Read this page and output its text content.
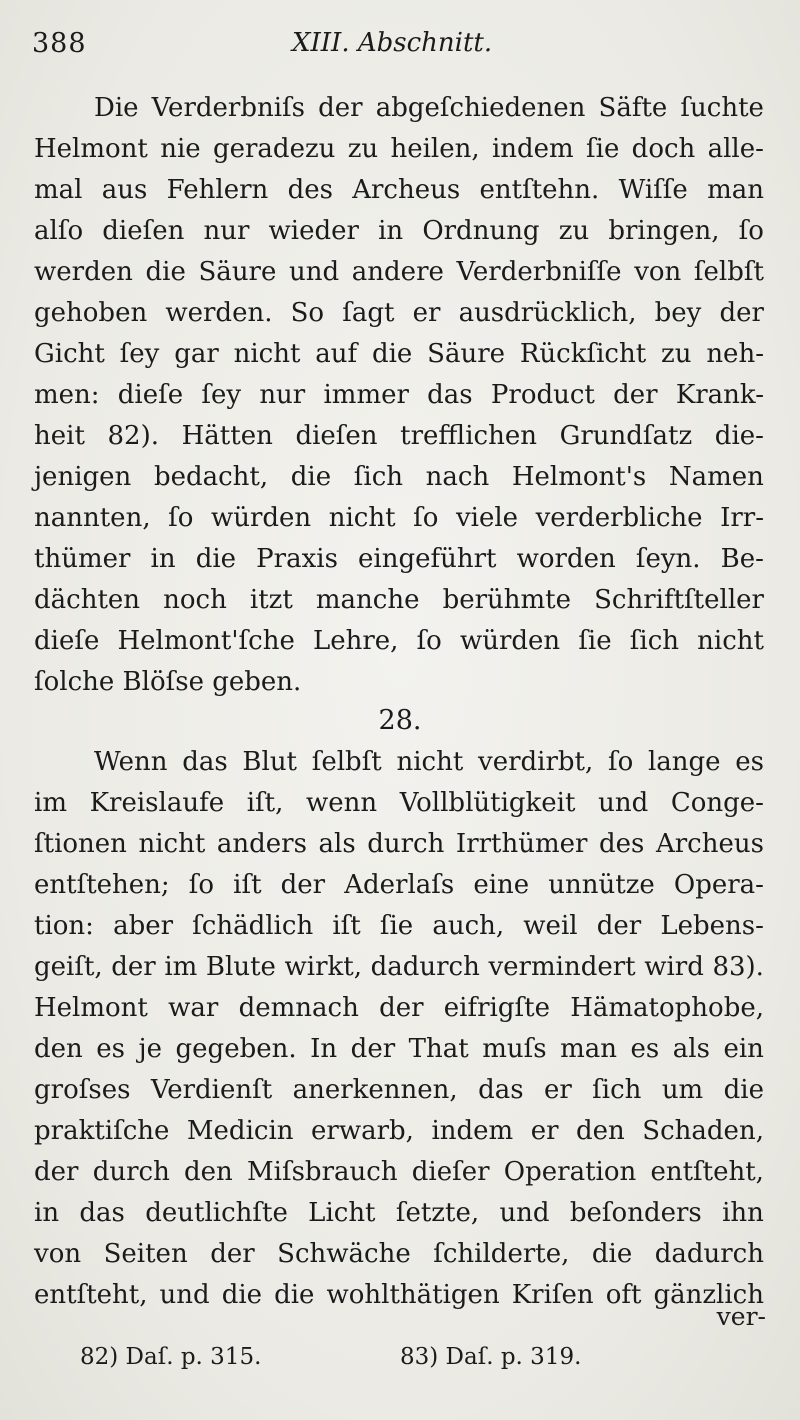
388	XIII. Abschnitt.
Die Verderbniſs der abgeſchiedenen Säfte ſuchte
Helmont nie geradezu zu heilen, indem ſie doch alle-
mal aus Fehlern des Archeus entſtehn. Wiſſe man
alſo dieſen nur wieder in Ordnung zu bringen, ſo
werden die Säure und andere Verderbniſſe von ſelbſt
gehoben werden. So ſagt er ausdrücklich, bey der
Gicht ſey gar nicht auf die Säure Rückſicht zu neh-
men: dieſe ſey nur immer das Product der Krank-
heit 82). Hätten dieſen trefflichen Grundſatz die-
jenigen bedacht, die ſich nach Helmont's Namen
nannten, ſo würden nicht ſo viele verderbliche Irr-
thümer in die Praxis eingeführt worden ſeyn. Be-
dächten noch itzt manche berühmte Schriftſteller
dieſe Helmont'ſche Lehre, ſo würden ſie ſich nicht
ſolche Blöſse geben.
28.
Wenn das Blut ſelbſt nicht verdirbt, ſo lange es
im Kreislaufe iſt, wenn Vollblütigkeit und Conge-
ſtionen nicht anders als durch Irrthümer des Archeus
entſtehen; ſo iſt der Aderlaſs eine unnütze Opera-
tion: aber ſchädlich iſt ſie auch, weil der Lebens-
geiſt, der im Blute wirkt, dadurch vermindert wird 83).
Helmont war demnach der eifrigſte Hämatophobe,
den es je gegeben. In der That muſs man es als ein
groſses Verdienſt anerkennen, das er ſich um die
praktiſche Medicin erwarb, indem er den Schaden,
der durch den Miſsbrauch dieſer Operation entſteht,
in das deutlichſte Licht ſetzte, und beſonders ihn
von Seiten der Schwäche ſchilderte, die dadurch
entſteht, und die die wohlthätigen Kriſen oft gänzlich
ver-
82) Daſ. p. 315.	83) Daſ. p. 319.
